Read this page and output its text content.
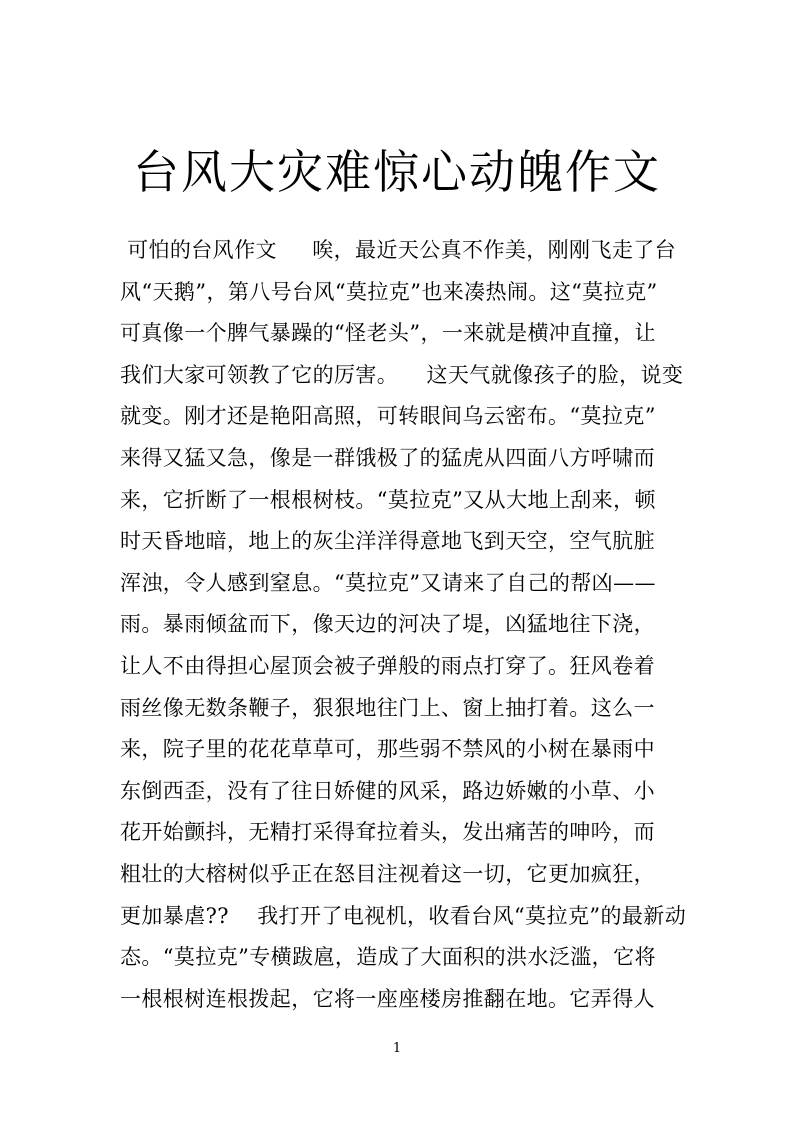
台风大灾难惊心动魄作文
可怕的台风作文     唉，最近天公真不作美，刚刚飞走了台
风“天鹅”，第八号台风“莫拉克”也来凑热闹。这“莫拉克”
可真像一个脾气暴躁的“怪老头”，一来就是横冲直撞，让
我们大家可领教了它的厉害。    这天气就像孩子的脸，说变
就变。刚才还是艳阳高照，可转眼间乌云密布。“莫拉克”
来得又猛又急，像是一群饿极了的猛虎从四面八方呼啸而
来，它折断了一根根树枝。“莫拉克”又从大地上刮来，顿
时天昏地暗，地上的灰尘洋洋得意地飞到天空，空气肮脏
浑浊，令人感到窒息。“莫拉克”又请来了自己的帮凶——
雨。暴雨倾盆而下，像天边的河决了堤，凶猛地往下浇，
让人不由得担心屋顶会被子弹般的雨点打穿了。狂风卷着
雨丝像无数条鞭子，狠狠地往门上、窗上抽打着。这么一
来，院子里的花花草草可，那些弱不禁风的小树在暴雨中
东倒西歪，没有了往日娇健的风采，路边娇嫩的小草、小
花开始颤抖，无精打采得耷拉着头，发出痛苦的呻吟，而
粗壮的大榕树似乎正在怒目注视着这一切，它更加疯狂，
更加暴虐??    我打开了电视机，收看台风“莫拉克”的最新动
态。“莫拉克”专横跋扈，造成了大面积的洪水泛滥，它将
一根根树连根拨起，它将一座座楼房推翻在地。它弄得人
1
